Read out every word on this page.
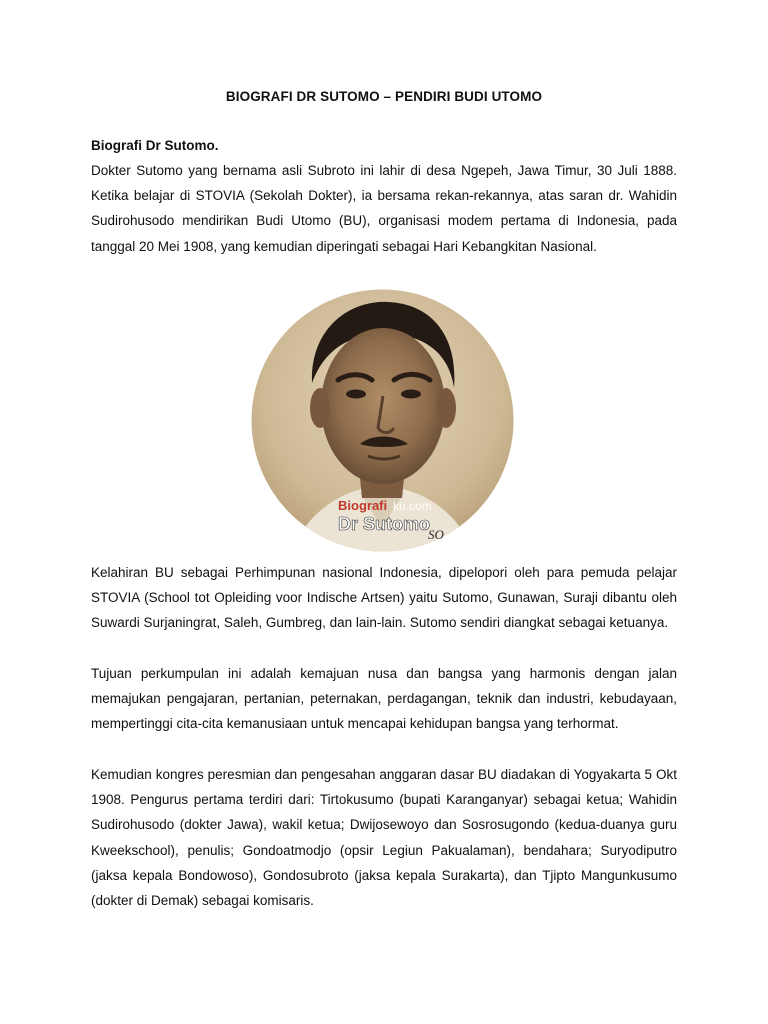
BIOGRAFI DR SUTOMO – PENDIRI BUDI UTOMO
Biografi Dr Sutomo.

Dokter Sutomo yang bernama asli Subroto ini lahir di desa Ngepeh, Jawa Timur, 30 Juli 1888. Ketika belajar di STOVIA (Sekolah Dokter), ia bersama rekan-rekannya, atas saran dr. Wahidin Sudirohusodo mendirikan Budi Utomo (BU), organisasi modem pertama di Indonesia, pada tanggal 20 Mei 1908, yang kemudian diperingati sebagai Hari Kebangkitan Nasional.

Biografi ku.com
Dr Sutomo
SO

Kelahiran BU sebagai Perhimpunan nasional Indonesia, dipelopori oleh para pemuda pelajar STOVIA (School tot Opleiding voor Indische Artsen) yaitu Sutomo, Gunawan, Suraji dibantu oleh Suwardi Surjaningrat, Saleh, Gumbreg, dan lain-lain. Sutomo sendiri diangkat sebagai ketuanya.

Tujuan perkumpulan ini adalah kemajuan nusa dan bangsa yang harmonis dengan jalan memajukan pengajaran, pertanian, peternakan, perdagangan, teknik dan industri, kebudayaan, mempertinggi cita-cita kemanusiaan untuk mencapai kehidupan bangsa yang terhormat.

Kemudian kongres peresmian dan pengesahan anggaran dasar BU diadakan di Yogyakarta 5 Okt 1908. Pengurus pertama terdiri dari: Tirtokusumo (bupati Karanganyar) sebagai ketua; Wahidin Sudirohusodo (dokter Jawa), wakil ketua; Dwijosewoyo dan Sosrosugondo (kedua-duanya guru Kweekschool), penulis; Gondoatmodjo (opsir Legiun Pakualaman), bendahara; Suryodiputro (jaksa kepala Bondowoso), Gondosubroto (jaksa kepala Surakarta), dan Tjipto Mangunkusumo (dokter di Demak) sebagai komisaris.
